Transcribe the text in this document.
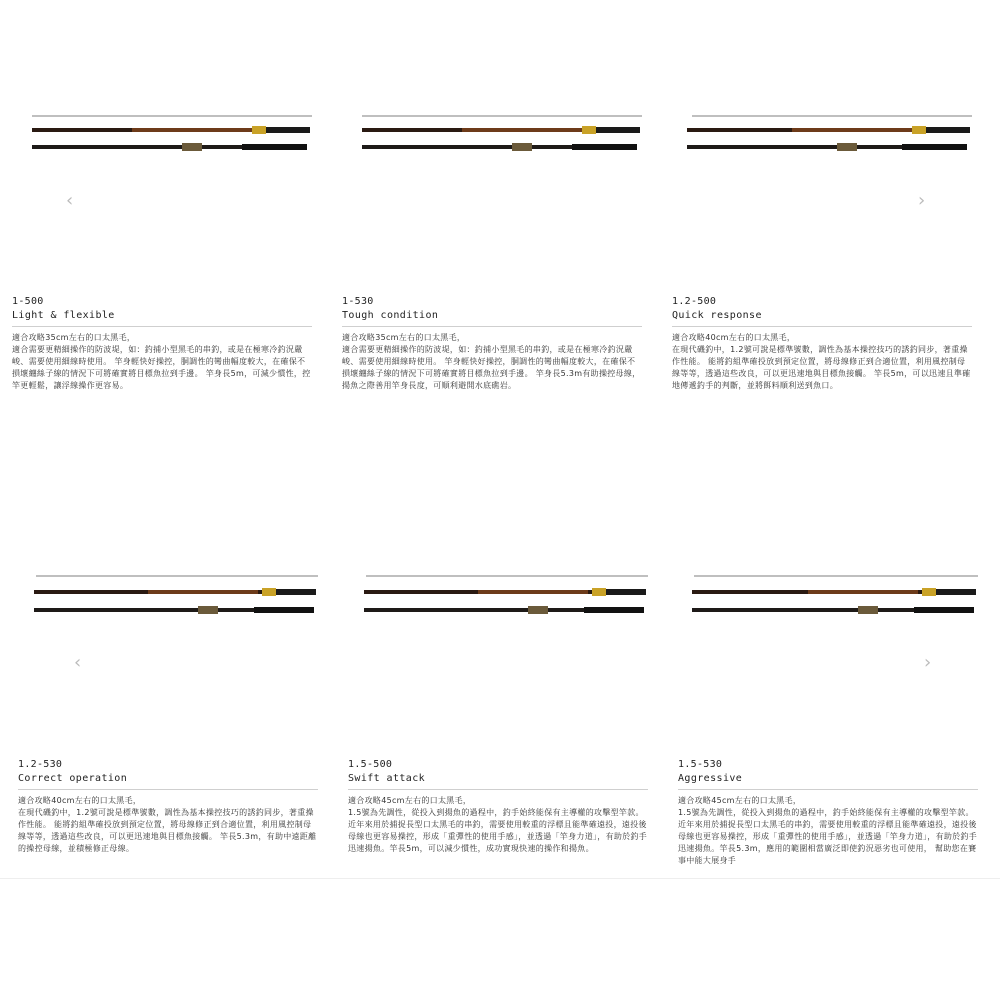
‹
1-500
Light & flexible
適合攻略35cm左右的口太黑毛，
適合需要更精細操作的防波堤，如：釣捕小型黑毛的串釣，或是在極寒冷釣況嚴峻、需要使用細線時使用。 竿身輕快好操控，胴調性的彎曲幅度較大，在確保不損壞纏絲子線的情況下可將確實將目標魚拉到手邊。 竿身長5m，可減少慣性，控竿更輕鬆，讓浮線操作更容易。
1-530
Tough condition
適合攻略35cm左右的口太黑毛，
適合需要更精細操作的防波堤，如：釣捕小型黑毛的串釣，或是在極寒冷釣況嚴峻、需要使用細線時使用。 竿身輕快好操控，胴調性的彎曲幅度較大，在確保不損壞纏絲子線的情況下可將確實將目標魚拉到手邊。 竿身長5.3m有助操控母線，揚魚之際善用竿身長度，可順利避開水底礁岩。
›
1.2-500
Quick response
適合攻略40cm左右的口太黑毛，
在現代磯釣中，1.2號可說是標準號數，調性為基本操控技巧的誘釣同步，著重操作性能。 能將釣組準確投放到預定位置，將母線修正到合適位置，利用風控制母線等等，透過這些改良，可以更迅速地與目標魚接觸。 竿長5m，可以迅速且準確地傳遞釣手的判斷，並將餌料順利送到魚口。
‹
1.2-530
Correct operation
適合攻略40cm左右的口太黑毛，
在現代磯釣中，1.2號可說是標準號數，調性為基本操控技巧的誘釣同步，著重操作性能。 能將釣組準確投放到預定位置，將母線修正到合適位置，利用風控制母線等等，透過這些改良，可以更迅速地與目標魚接觸。 竿長5.3m，有助中遠距離的操控母線，並積極修正母線。
1.5-500
Swift attack
適合攻略45cm左右的口太黑毛，
1.5號為先調性，從投入到揚魚的過程中，釣手始終能保有主導權的攻擊型竿款。 近年來用於捕捉長型口太黑毛的串釣，需要使用較重的浮標且能準確遠投，遠投後母線也更容易操控，形成「重彈性的使用手感」，並透過「竿身力道」，有助於釣手迅速揚魚。竿長5m，可以減少慣性，成功實現快速的操作和揚魚。
›
1.5-530
Aggressive
適合攻略45cm左右的口太黑毛，
1.5號為先調性，從投入到揚魚的過程中，釣手始終能保有主導權的攻擊型竿款。 近年來用於捕捉長型口太黑毛的串釣，需要使用較重的浮標且能準確遠投，遠投後母線也更容易操控，形成「重彈性的使用手感」，並透過「竿身力道」，有助於釣手迅速揚魚。竿長5.3m，應用的範圍相當廣泛即使釣況惡劣也可使用， 幫助您在賽事中能大展身手
